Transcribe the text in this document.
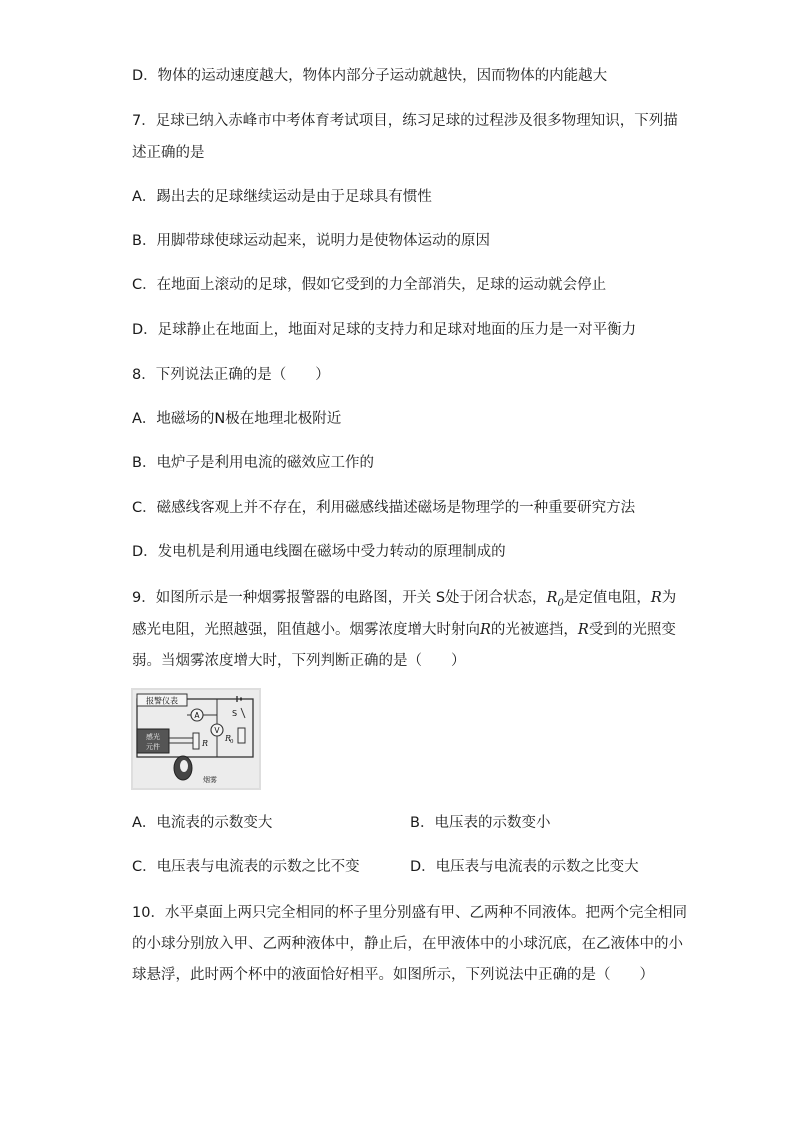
D．物体的运动速度越大，物体内部分子运动就越快，因而物体的内能越大
7．足球已纳入赤峰市中考体育考试项目，练习足球的过程涉及很多物理知识，下列描
述正确的是
A．踢出去的足球继续运动是由于足球具有惯性
B．用脚带球使球运动起来，说明力是使物体运动的原因
C．在地面上滚动的足球，假如它受到的力全部消失，足球的运动就会停止
D．足球静止在地面上，地面对足球的支持力和足球对地面的压力是一对平衡力
8．下列说法正确的是（　　）
A．地磁场的N极在地理北极附近
B．电炉子是利用电流的磁效应工作的
C．磁感线客观上并不存在，利用磁感线描述磁场是物理学的一种重要研究方法
D．发电机是利用通电线圈在磁场中受力转动的原理制成的
9．如图所示是一种烟雾报警器的电路图，开关 S处于闭合状态，$R_0$是定值电阻，R为
感光电阻，光照越强，阻值越小。烟雾浓度增大时射向R的光被遮挡，R受到的光照变
弱。当烟雾浓度增大时，下列判断正确的是（　　）
报警仪表
A
V
S
R
0
感光
元件	R
烟雾
A．电流表的示数变大	B．电压表的示数变小
C．电压表与电流表的示数之比不变	D．电压表与电流表的示数之比变大
10．水平桌面上两只完全相同的杯子里分别盛有甲、乙两种不同液体。把两个完全相同
的小球分别放入甲、乙两种液体中，静止后，在甲液体中的小球沉底，在乙液体中的小
球悬浮，此时两个杯中的液面恰好相平。如图所示，下列说法中正确的是（　　）
